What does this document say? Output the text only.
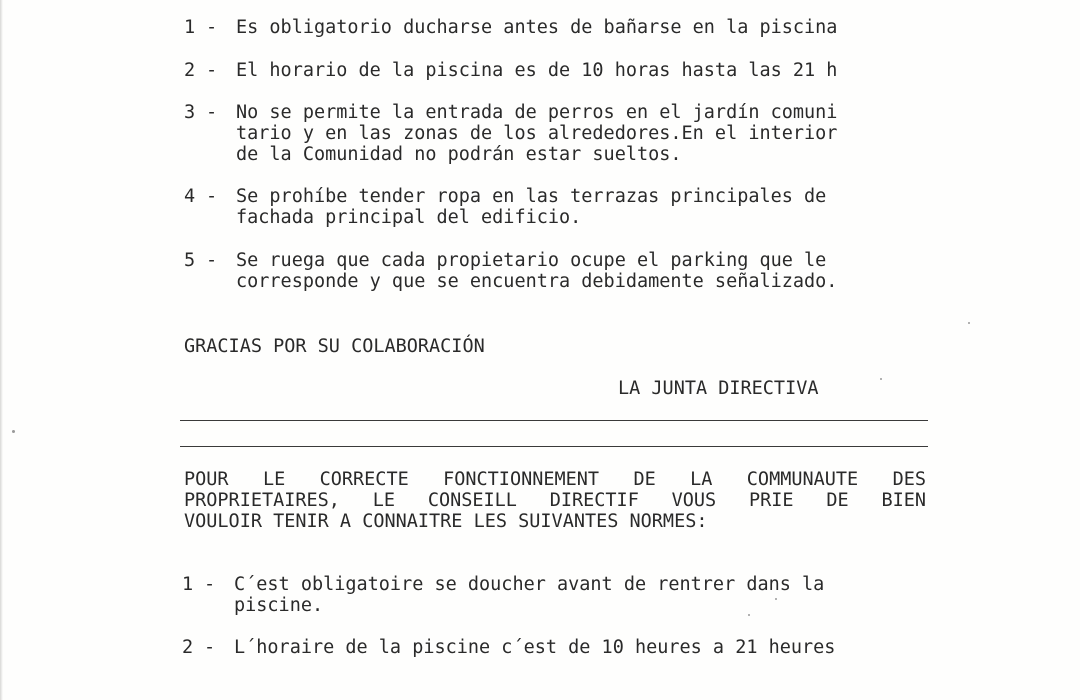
1 - Es obligatorio ducharse antes de bañarse en la piscina
2 - El horario de la piscina es de 10 horas hasta las 21 h
3 - No se permite la entrada de perros en el jardín comuni
tario y en las zonas de los alrededores.En el interior
de la Comunidad no podrán estar sueltos.
4 - Se prohíbe tender ropa en las terrazas principales de
fachada principal del edificio.
5 - Se ruega que cada propietario ocupe el parking que le
corresponde y que se encuentra debidamente señalizado.
GRACIAS POR SU COLABORACIÓN
LA JUNTA DIRECTIVA
POUR LE CORRECTE FONCTIONNEMENT DE LA COMMUNAUTE DES
PROPRIETAIRES, LE CONSEILL DIRECTIF VOUS PRIE DE BIEN
VOULOIR TENIR A CONNAITRE LES SUIVANTES NORMES:
1 - C´est obligatoire se doucher avant de rentrer dans la
piscine.
2 - L´horaire de la piscine c´est de 10 heures a 21 heures
